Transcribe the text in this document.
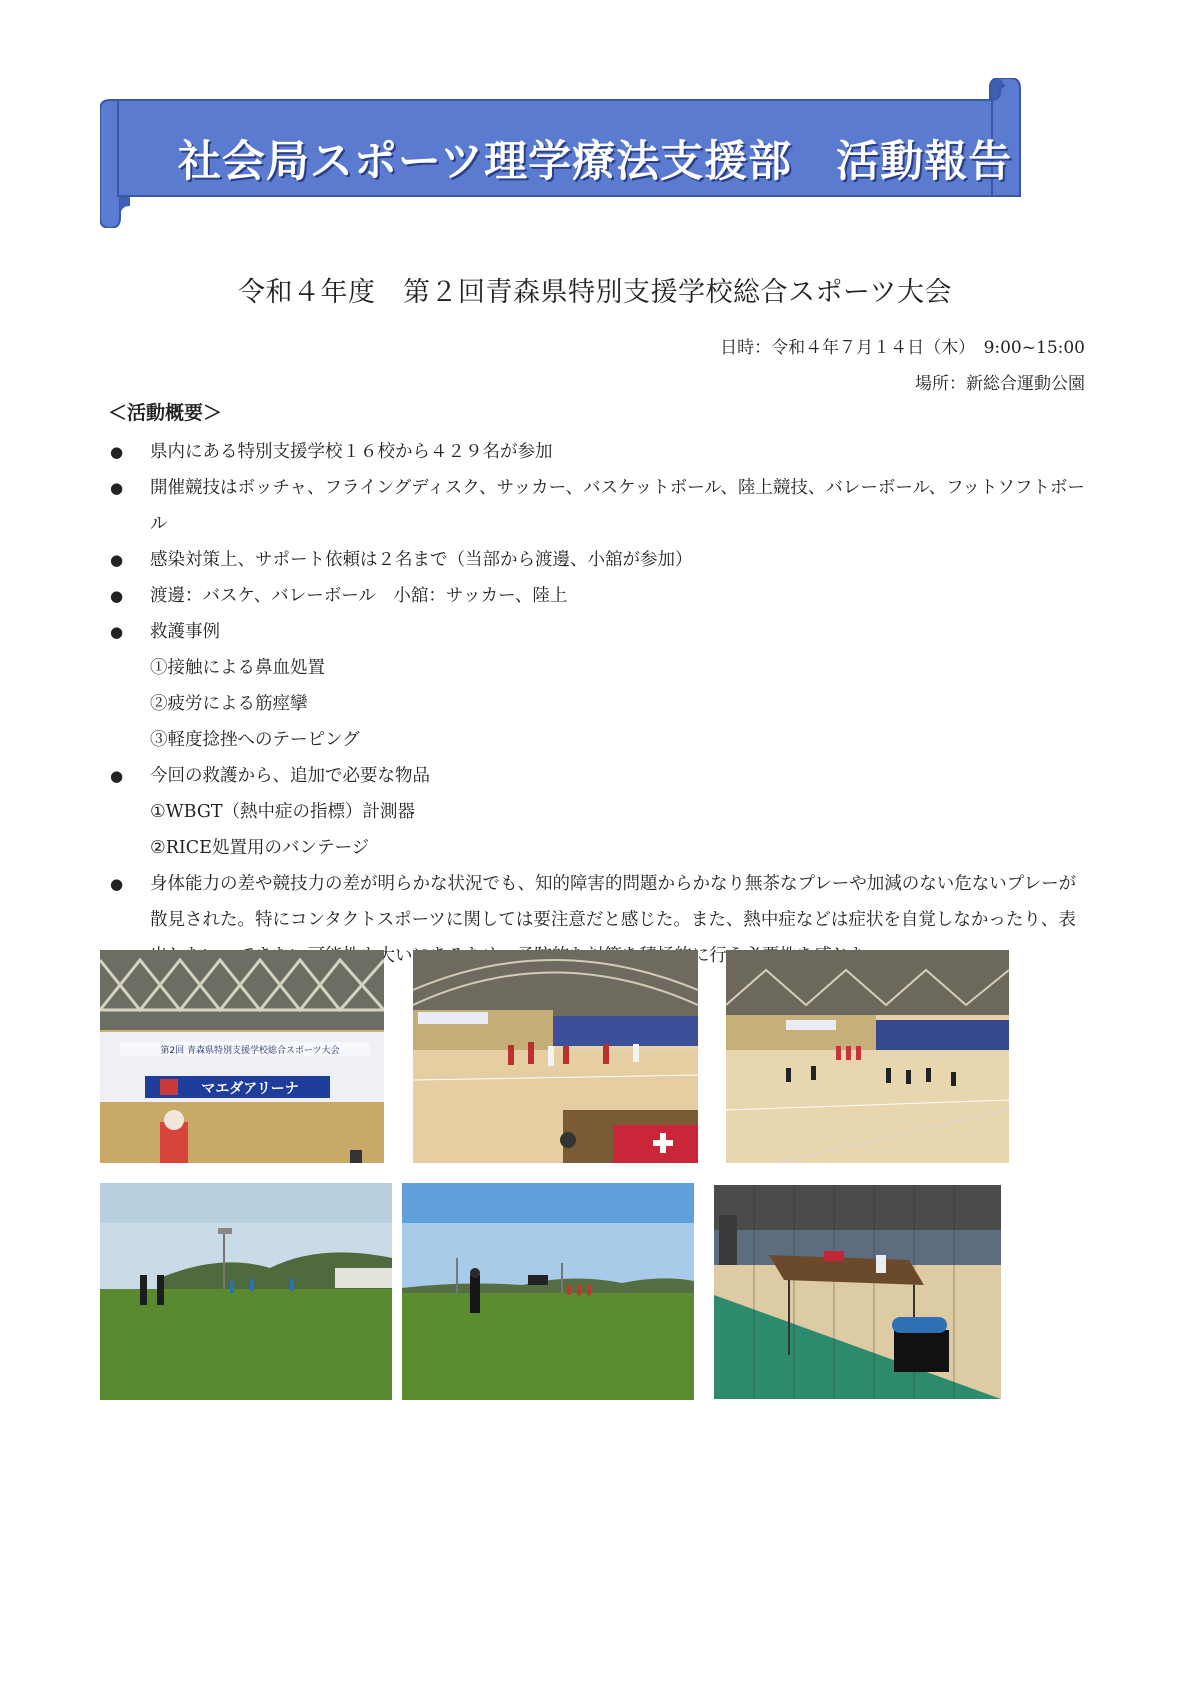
社会局スポーツ理学療法支援部　活動報告
令和４年度　第２回青森県特別支援学校総合スポーツ大会
日時：令和４年７月１４日（木）　9:00~15:00
場所：新総合運動公園
＜活動概要＞
● 県内にある特別支援学校１６校から４２９名が参加
● 開催競技はボッチャ、フライングディスク、サッカー、バスケットボール、陸上競技、バレーボール、フットソフトボール
● 感染対策上、サポート依頼は２名まで（当部から渡邊、小舘が参加）
● 渡邊：バスケ、バレーボール　小舘：サッカー、陸上
● 救護事例
①接触による鼻血処置
②疲労による筋痙攣
③軽度捻挫へのテーピング
● 今回の救護から、追加で必要な物品
①WBGT（熱中症の指標）計測器
②RICE処置用のバンテージ
● 身体能力の差や競技力の差が明らかな状況でも、知的障害的問題からかなり無茶なプレーや加減のない危ないプレーが散見された。特にコンタクトスポーツに関しては要注意だと感じた。また、熱中症などは症状を自覚しなかったり、表 できない可能性も大いにあるため、予防的な対策を積極的に行う必要性を感じた。
第2回 青森県特別支援学校総合スポーツ大会
マエダアリーナ
